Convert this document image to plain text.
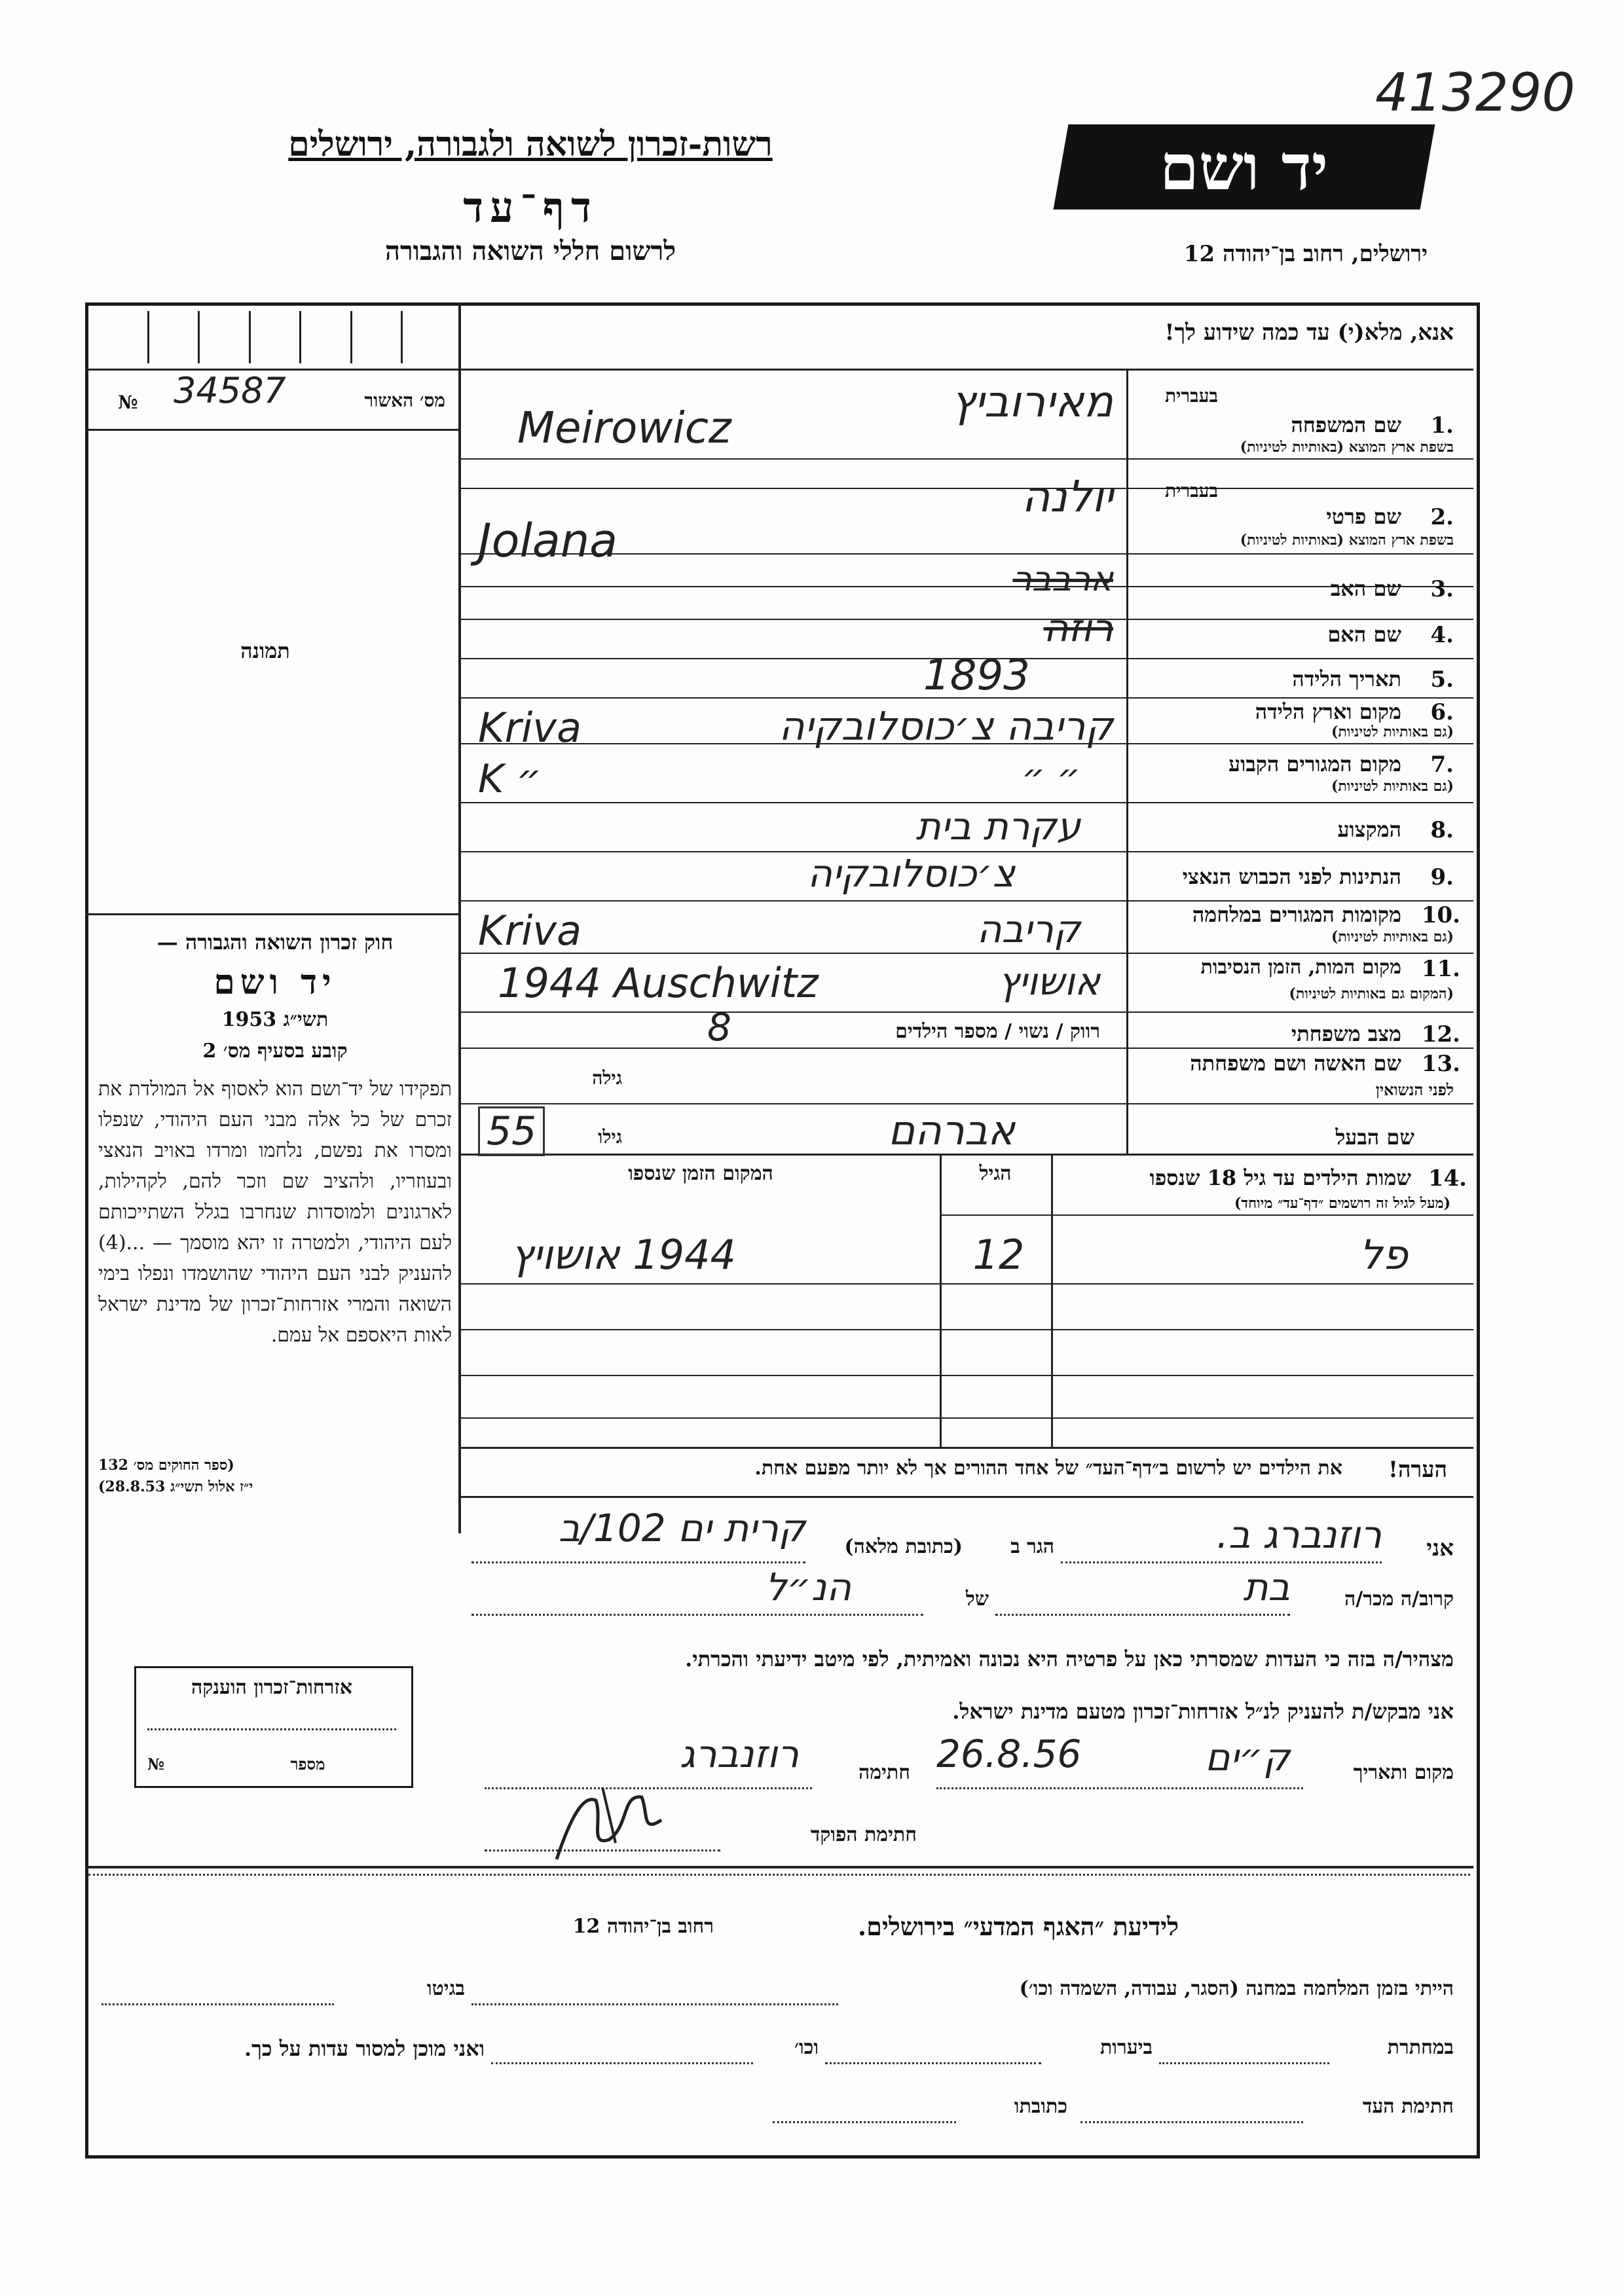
413290
רשות-זכרון לשואה ולגבורה, ירושלים
דף־עד
לרשום חללי השואה והגבורה
יד ושם
ירושלים, רחוב בן־יהודה 12
אנא, מלא(י) עד כמה שידוע לך!
מס׳ האשור
34587
№
תמונה
חוק זכרון השואה והגבורה —
יד ושם
תשי״ג 1953
קובע בסעיף מס׳ 2
תפקידו של יד־ושם הוא לאסוף אל המולדת את זכרם של כל אלה מבני העם היהודי, שנפלו ומסרו את נפשם, נלחמו ומרדו באויב הנאצי ובעוזריו, ולהציב שם וזכר להם, לקהילות, לארגונים ולמוסדות שנחרבו בגלל השתייכותם לעם היהודי, ולמטרה זו יהא מוסמך — ...(4) להעניק לבני העם היהודי שהושמדו ונפלו בימי השואה והמרי אזרחות־זכרון של מדינת ישראל לאות היאספם אל עמם.
(ספר החוקים מס׳ 132
י״ז אלול תשי״ג 28.8.53)
אזרחות־זכרון הוענקה
מספר
№
בעברית
1.
שם המשפחה
בשפת ארץ המוצא (באותיות לטיניות)
מאירוביץ
Meirowicz
בעברית
2.
שם פרטי
בשפת ארץ המוצא (באותיות לטיניות)
יולנה
Jolana
3.
שם האב
ארבבר
4.
שם האם
רוזה
5.
תאריך הלידה
1893
6.
מקום וארץ הלידה
(גם באותיות לטיניות)
קריבה צ׳כוסלובקיה
Kriva
7.
מקום המגורים הקבוע
(גם באותיות לטיניות)
״ ״
K ״
8.
המקצוע
עקרת בית
9.
הנתינות לפני הכבוש הנאצי
צ׳כוסלובקיה
10.
מקומות המגורים במלחמה
(גם באותיות לטיניות)
קריבה
Kriva
11.
מקום המות, הזמן הנסיבות
(המקום גם באותיות לטיניות)
אושויץ
1944 Auschwitz
12.
מצב משפחתי
רווק / נשוי / מספר הילדים
8
13.
שם האשה ושם משפחתה
לפני הנשואין
גילה
שם הבעל
אברהם
גילו
55
14.
שמות הילדים עד גיל 18 שנספו
(מעל לגיל זה רושמים ״דף־עד״ מיוחד)
הגיל
המקום הזמן שנספו
פל
12
1944 אושויץ
הערה!
את הילדים יש לרשום ב״דף־העד״ של אחד ההורים אך לא יותר מפעם אחת.
אני
רוזנברג ב.
הגר ב
(כתובת מלאה)
קרית ים 102/ב
קרוב/ה מכר/ה
בת
של
הנ״ל
מצהיר/ה בזה כי העדות שמסרתי כאן על פרטיה היא נכונה ואמיתית, לפי מיטב ידיעתי והכרתי.
אני מבקש/ת להעניק לנ״ל אזרחות־זכרון מטעם מדינת ישראל.
מקום ותאריך
ק״ים
26.8.56
חתימה
רוזנברג
חתימת הפוקד
לידיעת ״האגף המדעי״ בירושלים.
רחוב בן־יהודה 12
הייתי בזמן המלחמה במחנה (הסגר, עבודה, השמדה וכו׳)
בגיטו
במחתרת
ביערות
וכו׳
ואני מוכן למסור עדות על כך.
חתימת העד
כתובתו
